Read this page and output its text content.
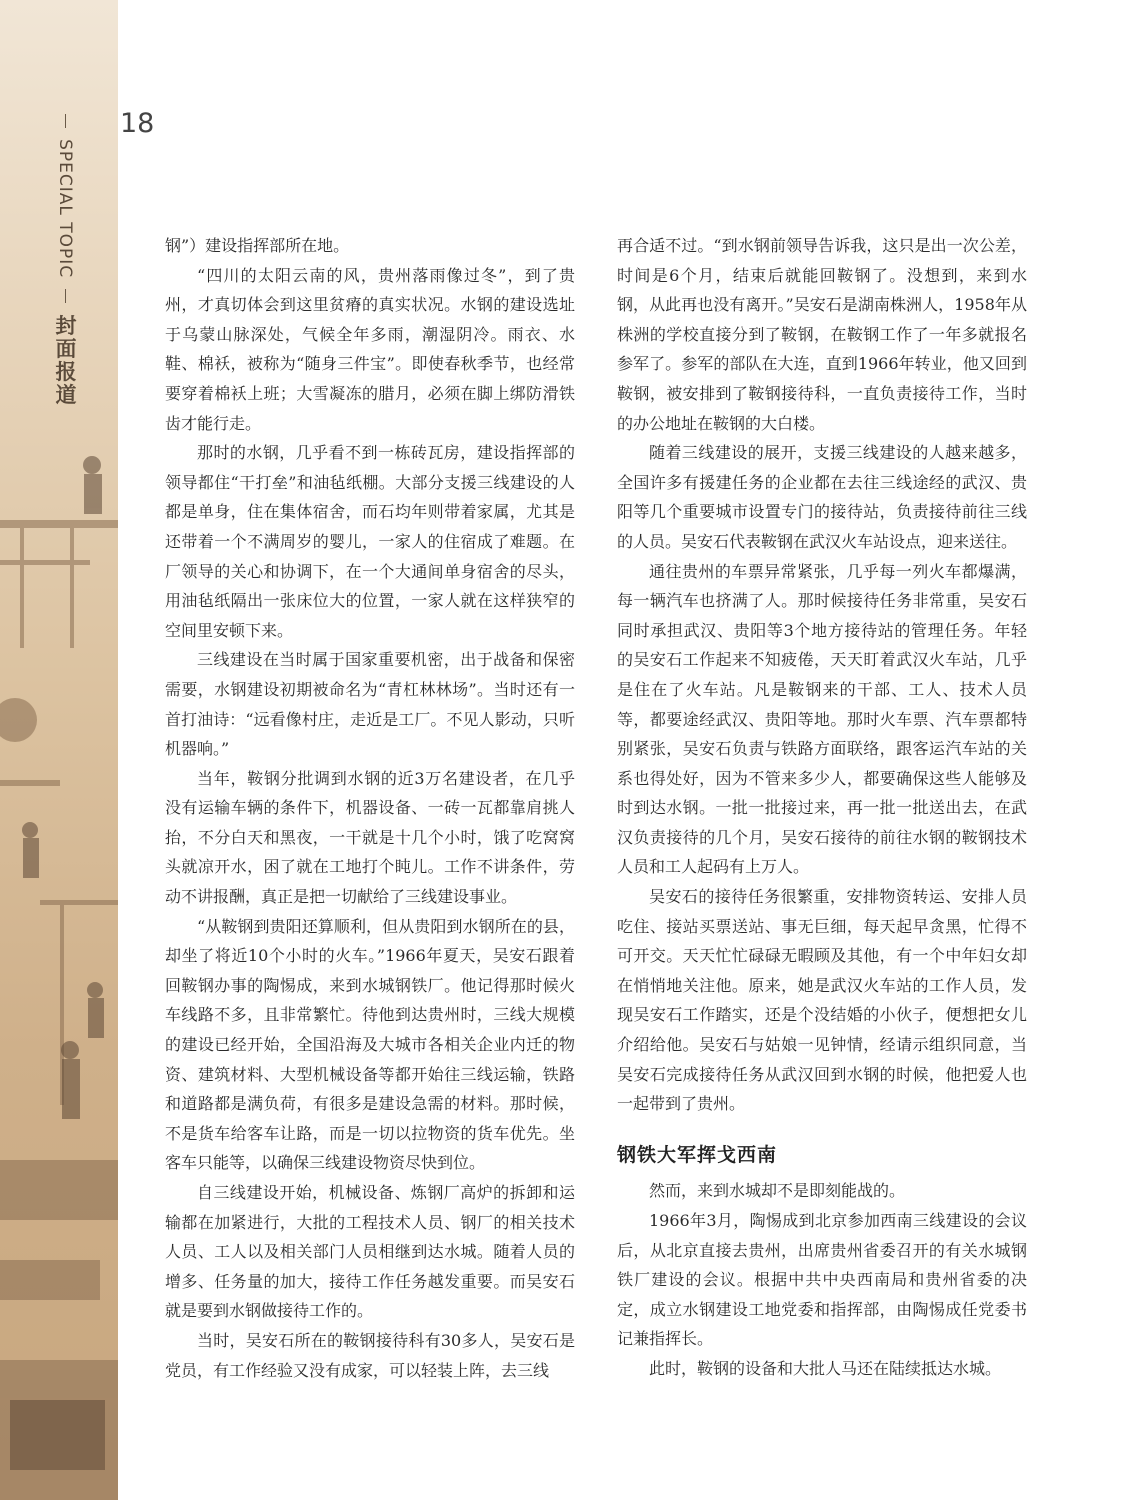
SPECIAL TOPIC  封面报道
18

钢”）建设指挥部所在地。

“四川的太阳云南的风，贵州落雨像过冬”，到了贵州，才真切体会到这里贫瘠的真实状况。水钢的建设选址于乌蒙山脉深处，气候全年多雨，潮湿阴冷。雨衣、水鞋、棉袄，被称为“随身三件宝”。即使春秋季节，也经常要穿着棉袄上班；大雪凝冻的腊月，必须在脚上绑防滑铁齿才能行走。

那时的水钢，几乎看不到一栋砖瓦房，建设指挥部的领导都住“干打垒”和油毡纸棚。大部分支援三线建设的人都是单身，住在集体宿舍，而石均年则带着家属，尤其是还带着一个不满周岁的婴儿，一家人的住宿成了难题。在厂领导的关心和协调下，在一个大通间单身宿舍的尽头，用油毡纸隔出一张床位大的位置，一家人就在这样狭窄的空间里安顿下来。

三线建设在当时属于国家重要机密，出于战备和保密需要，水钢建设初期被命名为“青杠林林场”。当时还有一首打油诗：“远看像村庄，走近是工厂。不见人影动，只听机器响。”

当年，鞍钢分批调到水钢的近3万名建设者，在几乎没有运输车辆的条件下，机器设备、一砖一瓦都靠肩挑人抬，不分白天和黑夜，一干就是十几个小时，饿了吃窝窝头就凉开水，困了就在工地打个盹儿。工作不讲条件，劳动不讲报酬，真正是把一切献给了三线建设事业。

“从鞍钢到贵阳还算顺利，但从贵阳到水钢所在的县，却坐了将近10个小时的火车。”1966年夏天，吴安石跟着回鞍钢办事的陶惕成，来到水城钢铁厂。他记得那时候火车线路不多，且非常繁忙。待他到达贵州时，三线大规模的建设已经开始，全国沿海及大城市各相关企业内迁的物资、建筑材料、大型机械设备等都开始往三线运输，铁路和道路都是满负荷，有很多是建设急需的材料。那时候，不是货车给客车让路，而是一切以拉物资的货车优先。坐客车只能等，以确保三线建设物资尽快到位。

自三线建设开始，机械设备、炼钢厂高炉的拆卸和运输都在加紧进行，大批的工程技术人员、钢厂的相关技术人员、工人以及相关部门人员相继到达水城。随着人员的增多、任务量的加大，接待工作任务越发重要。而吴安石就是要到水钢做接待工作的。

当时，吴安石所在的鞍钢接待科有30多人，吴安石是党员，有工作经验又没有成家，可以轻装上阵，去三线

再合适不过。“到水钢前领导告诉我，这只是出一次公差，时间是6个月，结束后就能回鞍钢了。没想到，来到水钢，从此再也没有离开。”吴安石是湖南株洲人，1958年从株洲的学校直接分到了鞍钢，在鞍钢工作了一年多就报名参军了。参军的部队在大连，直到1966年转业，他又回到鞍钢，被安排到了鞍钢接待科，一直负责接待工作，当时的办公地址在鞍钢的大白楼。

随着三线建设的展开，支援三线建设的人越来越多，全国许多有援建任务的企业都在去往三线途经的武汉、贵阳等几个重要城市设置专门的接待站，负责接待前往三线的人员。吴安石代表鞍钢在武汉火车站设点，迎来送往。

通往贵州的车票异常紧张，几乎每一列火车都爆满，每一辆汽车也挤满了人。那时候接待任务非常重，吴安石同时承担武汉、贵阳等3个地方接待站的管理任务。年轻的吴安石工作起来不知疲倦，天天盯着武汉火车站，几乎是住在了火车站。凡是鞍钢来的干部、工人、技术人员等，都要途经武汉、贵阳等地。那时火车票、汽车票都特别紧张，吴安石负责与铁路方面联络，跟客运汽车站的关系也得处好，因为不管来多少人，都要确保这些人能够及时到达水钢。一批一批接过来，再一批一批送出去，在武汉负责接待的几个月，吴安石接待的前往水钢的鞍钢技术人员和工人起码有上万人。

吴安石的接待任务很繁重，安排物资转运、安排人员吃住、接站买票送站、事无巨细，每天起早贪黑，忙得不可开交。天天忙忙碌碌无暇顾及其他，有一个中年妇女却在悄悄地关注他。原来，她是武汉火车站的工作人员，发现吴安石工作踏实，还是个没结婚的小伙子，便想把女儿介绍给他。吴安石与姑娘一见钟情，经请示组织同意，当吴安石完成接待任务从武汉回到水钢的时候，他把爱人也一起带到了贵州。

钢铁大军挥戈西南

然而，来到水城却不是即刻能战的。

1966年3月，陶惕成到北京参加西南三线建设的会议后，从北京直接去贵州，出席贵州省委召开的有关水城钢铁厂建设的会议。根据中共中央西南局和贵州省委的决定，成立水钢建设工地党委和指挥部，由陶惕成任党委书记兼指挥长。

此时，鞍钢的设备和大批人马还在陆续抵达水城。
